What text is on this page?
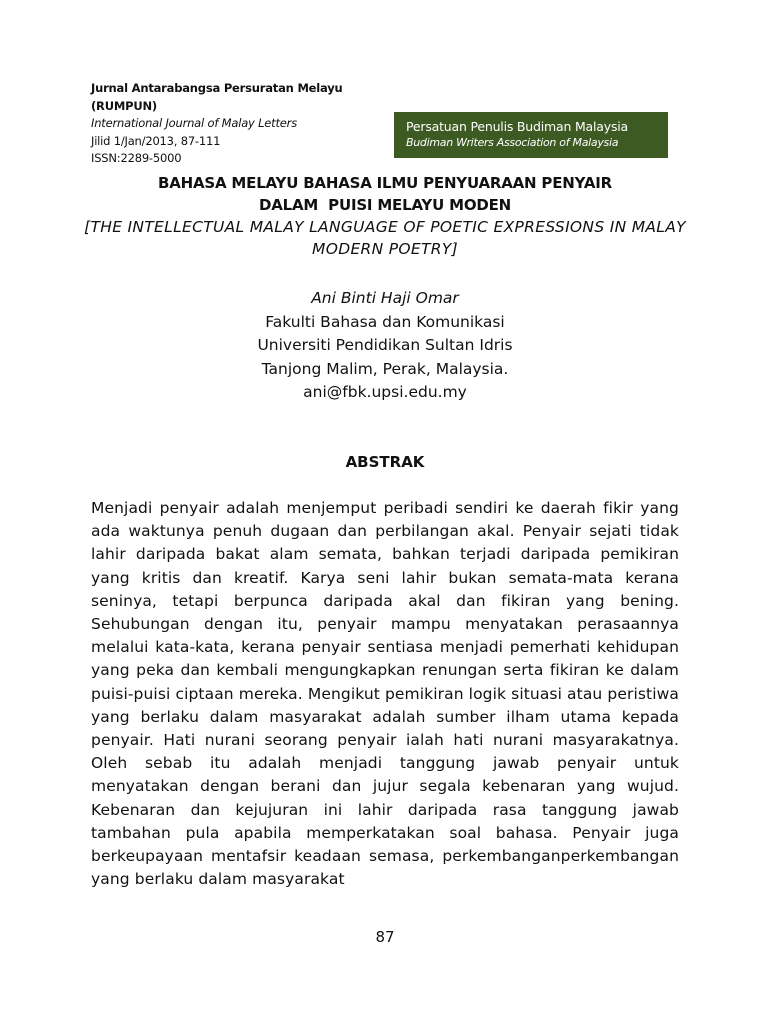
Jurnal Antarabangsa Persuratan Melayu (RUMPUN)
International Journal of Malay Letters
Jilid 1/Jan/2013, 87-111
ISSN:2289-5000
Persatuan Penulis Budiman Malaysia
Budiman Writers Association of Malaysia
BAHASA MELAYU BAHASA ILMU PENYUARAAN PENYAIR
DALAM  PUISI MELAYU MODEN
[THE INTELLECTUAL MALAY LANGUAGE OF POETIC EXPRESSIONS IN MALAY MODERN POETRY]
Ani Binti Haji Omar
Fakulti Bahasa dan Komunikasi
Universiti Pendidikan Sultan Idris
Tanjong Malim, Perak, Malaysia.
ani@fbk.upsi.edu.my
ABSTRAK

Menjadi penyair adalah menjemput peribadi sendiri ke daerah fikir yang ada waktunya penuh dugaan dan perbilangan akal. Penyair sejati tidak lahir daripada bakat alam semata, bahkan terjadi daripada pemikiran yang kritis dan kreatif. Karya seni lahir bukan semata-mata kerana seninya, tetapi berpunca daripada akal dan fikiran yang bening. Sehubungan dengan itu, penyair mampu menyatakan perasaannya melalui kata-kata, kerana penyair sentiasa menjadi pemerhati kehidupan yang peka dan kembali mengungkapkan renungan serta fikiran ke dalam puisi-puisi ciptaan mereka. Mengikut pemikiran logik situasi atau peristiwa yang berlaku dalam masyarakat adalah sumber ilham utama kepada penyair. Hati nurani seorang penyair ialah hati nurani masyarakatnya. Oleh sebab itu adalah menjadi tanggung jawab penyair untuk menyatakan dengan berani dan jujur segala kebenaran yang wujud. Kebenaran dan kejujuran ini lahir daripada rasa tanggung jawab tambahan pula apabila memperkatakan soal bahasa. Penyair juga berkeupayaan mentafsir keadaan semasa, perkembanganperkembangan yang berlaku dalam masyarakat

87
